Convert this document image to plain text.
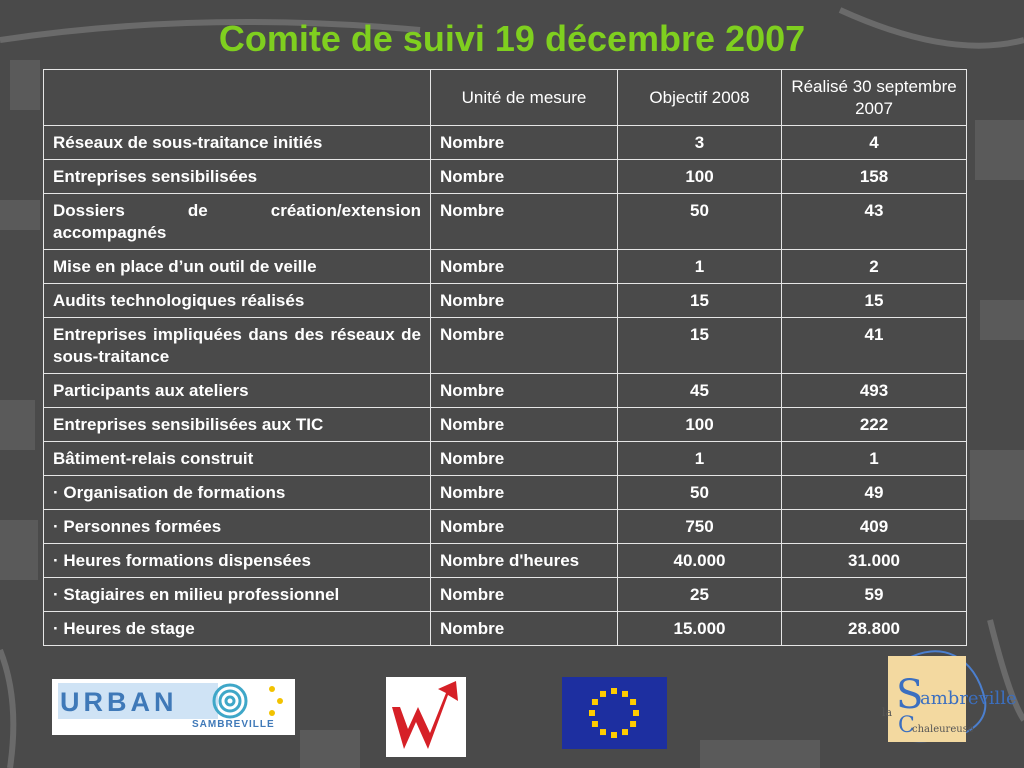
Comite de suivi 19 décembre 2007
	Unité de mesure	Objectif 2008	Réalisé 30 septembre 2007
Réseaux de sous-traitance initiés	Nombre	3	4
Entreprises sensibilisées	Nombre	100	158
Dossiers de création/extension accompagnés	Nombre	50	43
Mise en place d’un outil de veille	Nombre	1	2
Audits technologiques réalisés	Nombre	15	15
Entreprises impliquées dans des réseaux de sous-traitance	Nombre	15	41
Participants aux ateliers	Nombre	45	493
Entreprises sensibilisées aux TIC	Nombre	100	222
Bâtiment-relais construit	Nombre	1	1
· Organisation de formations	Nombre	50	49
· Personnes formées	Nombre	750	409
· Heures formations dispensées	Nombre d'heures	40.000	31.000
· Stagiaires en milieu professionnel	Nombre	25	59
· Heures de stage	Nombre	15.000	28.800
URBAN
SAMBREVILLE
la S
ambreville
C
chaleureuse
